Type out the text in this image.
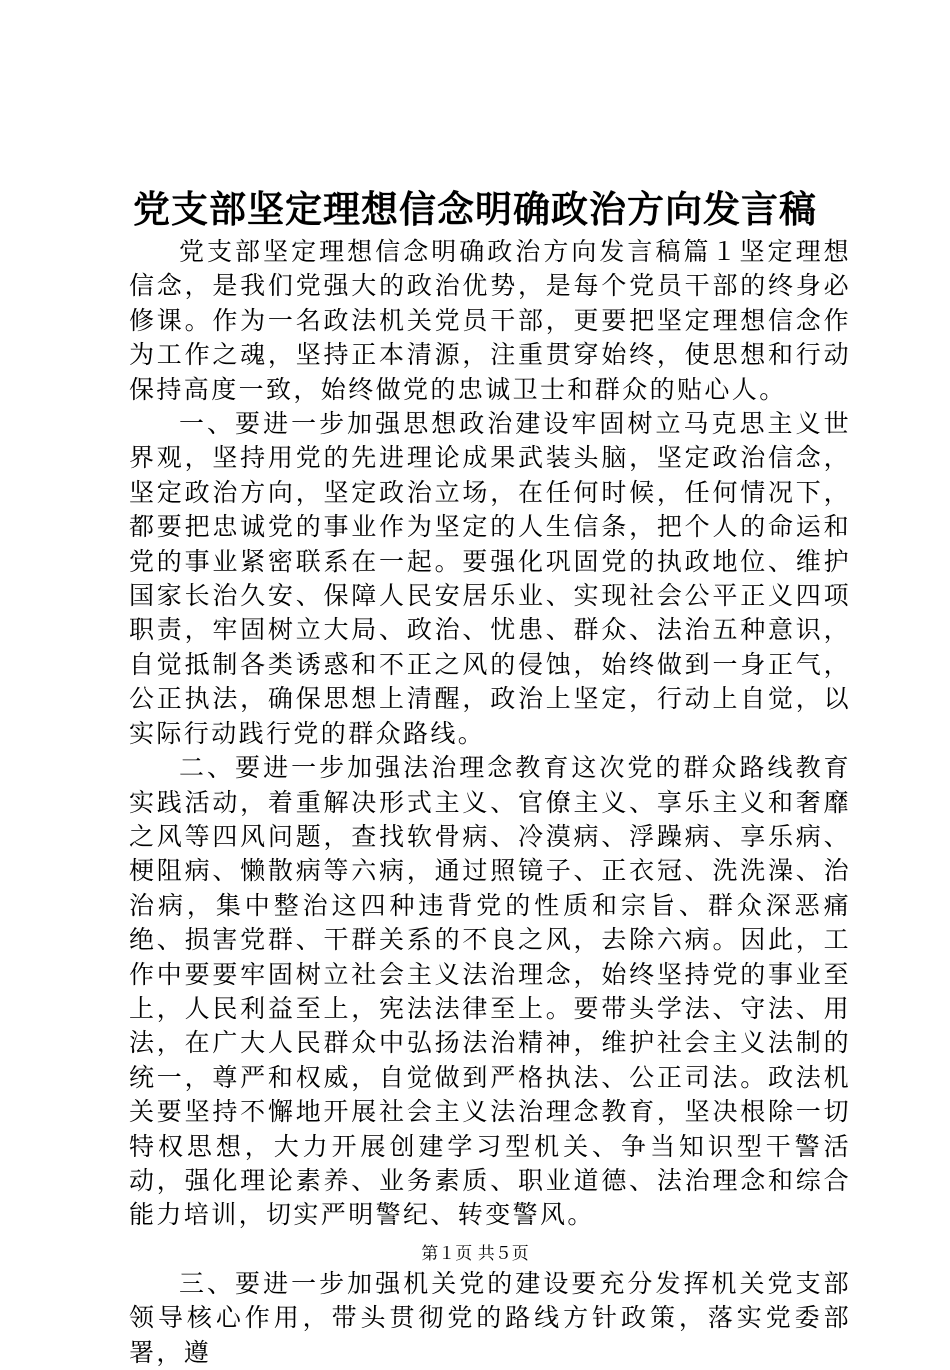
党支部坚定理想信念明确政治方向发言稿

党支部坚定理想信念明确政治方向发言稿篇１坚定理想信念，是我们党强大的政治优势，是每个党员干部的终身必修课。作为一名政法机关党员干部，更要把坚定理想信念作为工作之魂，坚持正本清源，注重贯穿始终，使思想和行动保持高度一致，始终做党的忠诚卫士和群众的贴心人。

一、要进一步加强思想政治建设牢固树立马克思主义世界观，坚持用党的先进理论成果武装头脑，坚定政治信念，坚定政治方向，坚定政治立场，在任何时候，任何情况下，都要把忠诚党的事业作为坚定的人生信条，把个人的命运和党的事业紧密联系在一起。要强化巩固党的执政地位、维护国家长治久安、保障人民安居乐业、实现社会公平正义四项职责，牢固树立大局、政治、忧患、群众、法治五种意识，自觉抵制各类诱惑和不正之风的侵蚀，始终做到一身正气，公正执法，确保思想上清醒，政治上坚定，行动上自觉，以实际行动践行党的群众路线。

二、要进一步加强法治理念教育这次党的群众路线教育实践活动，着重解决形式主义、官僚主义、享乐主义和奢靡之风等四风问题，查找软骨病、冷漠病、浮躁病、享乐病、梗阻病、懒散病等六病，通过照镜子、正衣冠、洗洗澡、治治病，集中整治这四种违背党的性质和宗旨、群众深恶痛绝、损害党群、干群关系的不良之风，去除六病。因此，工作中要要牢固树立社会主义法治理念，始终坚持党的事业至上，人民利益至上，宪法法律至上。要带头学法、守法、用法，在广大人民群众中弘扬法治精神，维护社会主义法制的统一，尊严和权威，自觉做到严格执法、公正司法。政法机关要坚持不懈地开展社会主义法治理念教育，坚决根除一切特权思想，大力开展创建学习型机关、争当知识型干警活动，强化理论素养、业务素质、职业道德、法治理念和综合能力培训，切实严明警纪、转变警风。

三、要进一步加强机关党的建设要充分发挥机关党支部领导核心作用，带头贯彻党的路线方针政策，落实党委部署，遵

第１页 共５页
